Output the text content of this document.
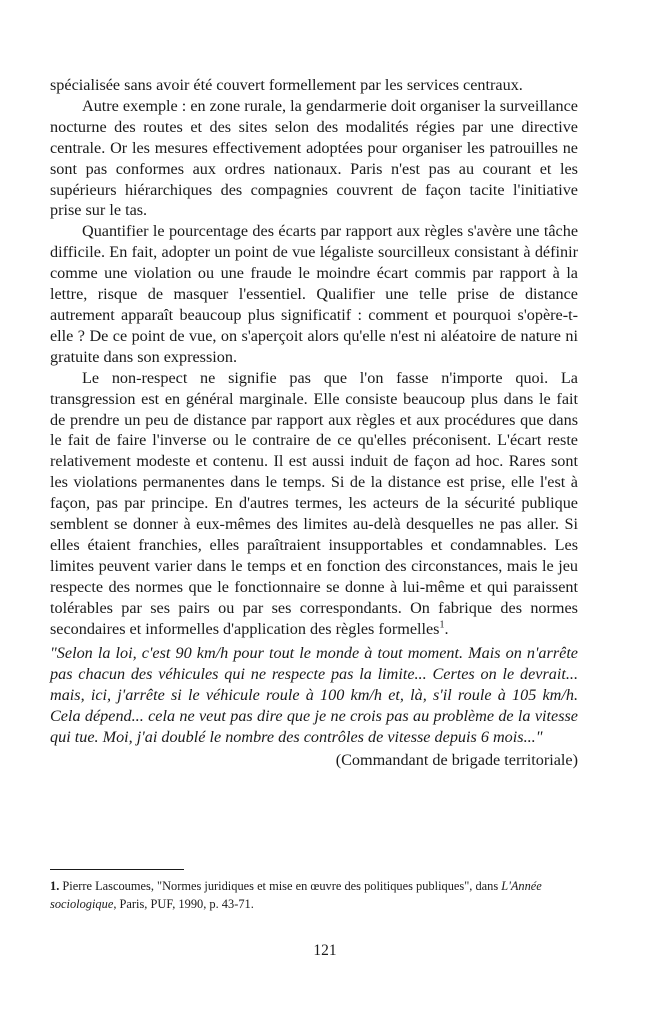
spécialisée sans avoir été couvert formellement par les services centraux.

Autre exemple : en zone rurale, la gendarmerie doit organiser la surveillance nocturne des routes et des sites selon des modalités régies par une directive centrale. Or les mesures effectivement adoptées pour organiser les patrouilles ne sont pas conformes aux ordres nationaux. Paris n'est pas au courant et les supérieurs hiérarchiques des compagnies couvrent de façon tacite l'initiative prise sur le tas.

Quantifier le pourcentage des écarts par rapport aux règles s'avère une tâche difficile. En fait, adopter un point de vue légaliste sourcilleux consistant à définir comme une violation ou une fraude le moindre écart commis par rapport à la lettre, risque de masquer l'essentiel. Qualifier une telle prise de distance autrement apparaît beaucoup plus significatif : comment et pourquoi s'opère-t-elle ? De ce point de vue, on s'aperçoit alors qu'elle n'est ni aléatoire de nature ni gratuite dans son expression.

Le non-respect ne signifie pas que l'on fasse n'importe quoi. La transgression est en général marginale. Elle consiste beaucoup plus dans le fait de prendre un peu de distance par rapport aux règles et aux procédures que dans le fait de faire l'inverse ou le contraire de ce qu'elles préconisent. L'écart reste relativement modeste et contenu. Il est aussi induit de façon ad hoc. Rares sont les violations permanentes dans le temps. Si de la distance est prise, elle l'est à façon, pas par principe. En d'autres termes, les acteurs de la sécurité publique semblent se donner à eux-mêmes des limites au-delà desquelles ne pas aller. Si elles étaient franchies, elles paraîtraient insupportables et condamnables. Les limites peuvent varier dans le temps et en fonction des circonstances, mais le jeu respecte des normes que le fonctionnaire se donne à lui-même et qui paraissent tolérables par ses pairs ou par ses correspondants. On fabrique des normes secondaires et informelles d'application des règles formelles$^1$.

"Selon la loi, c'est 90 km/h pour tout le monde à tout moment. Mais on n'arrête pas chacun des véhicules qui ne respecte pas la limite... Certes on le devrait... mais, ici, j'arrête si le véhicule roule à 100 km/h et, là, s'il roule à 105 km/h. Cela dépend... cela ne veut pas dire que je ne crois pas au problème de la vitesse qui tue. Moi, j'ai doublé le nombre des contrôles de vitesse depuis 6 mois..."

(Commandant de brigade territoriale)

1. Pierre Lascoumes, "Normes juridiques et mise en œuvre des politiques publiques", dans L'Année sociologique, Paris, PUF, 1990, p. 43-71.
121
